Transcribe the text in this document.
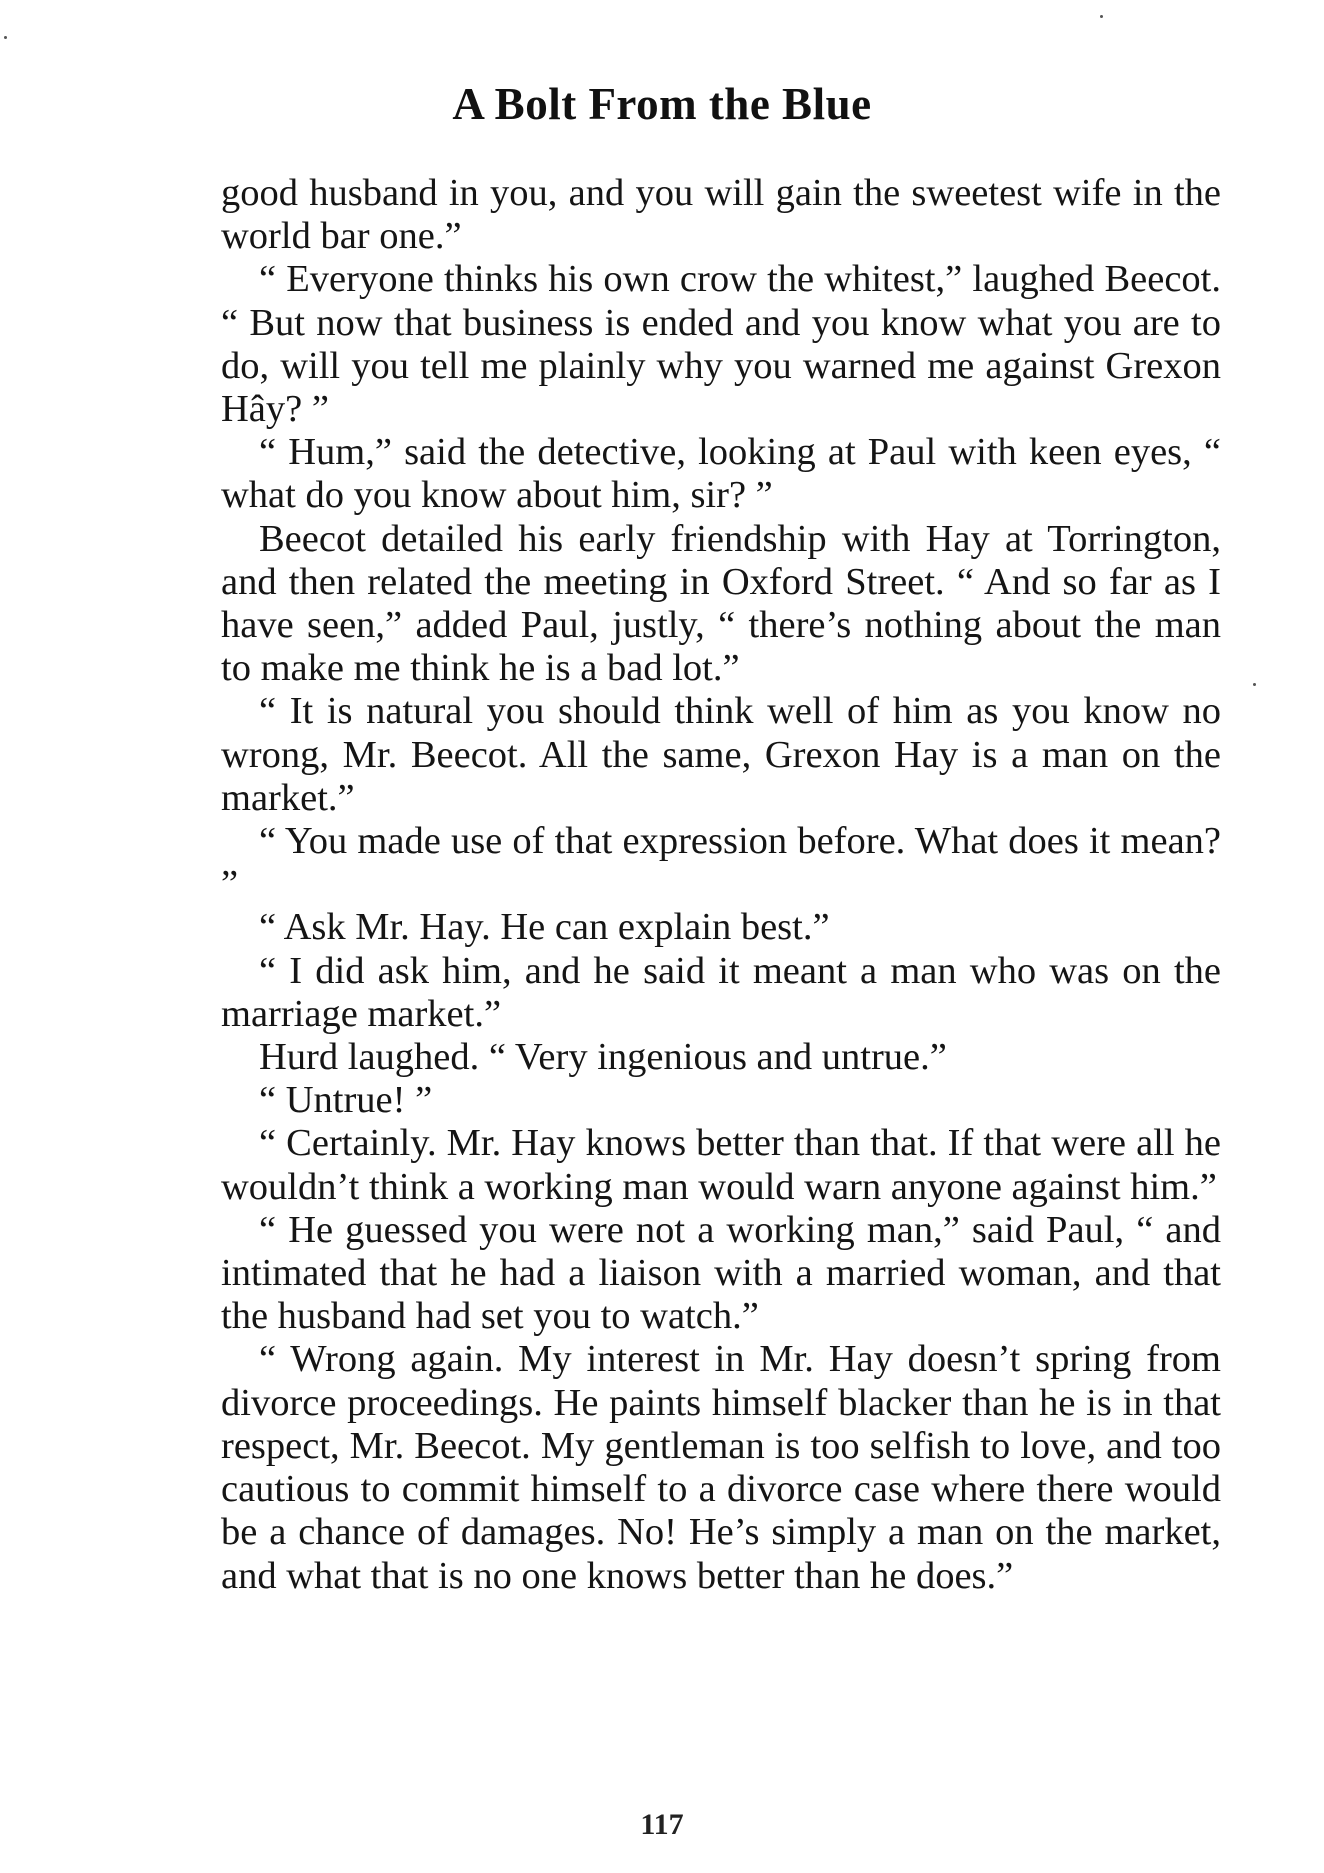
A Bolt From the Blue

good husband in you, and you will gain the sweetest wife in the world bar one.”

“ Everyone thinks his own crow the whitest,” laughed Beecot. “ But now that business is ended and you know what you are to do, will you tell me plainly why you warned me against Grexon Hây? ”

“ Hum,” said the detective, looking at Paul with keen eyes, “ what do you know about him, sir? ”

Beecot detailed his early friendship with Hay at Torrington, and then related the meeting in Oxford Street. “ And so far as I have seen,” added Paul, justly, “ there’s nothing about the man to make me think he is a bad lot.”

“ It is natural you should think well of him as you know no wrong, Mr. Beecot. All the same, Grexon Hay is a man on the market.”

“ You made use of that expression before. What does it mean? ”

“ Ask Mr. Hay. He can explain best.”

“ I did ask him, and he said it meant a man who was on the marriage market.”

Hurd laughed. “ Very ingenious and untrue.”

“ Untrue! ”

“ Certainly. Mr. Hay knows better than that. If that were all he wouldn’t think a working man would warn anyone against him.”

“ He guessed you were not a working man,” said Paul, “ and intimated that he had a liaison with a married woman, and that the husband had set you to watch.”

“ Wrong again. My interest in Mr. Hay doesn’t spring from divorce proceedings. He paints himself blacker than he is in that respect, Mr. Beecot. My gentleman is too selfish to love, and too cautious to commit himself to a divorce case where there would be a chance of damages. No! He’s simply a man on the market, and what that is no one knows better than he does.”

117
